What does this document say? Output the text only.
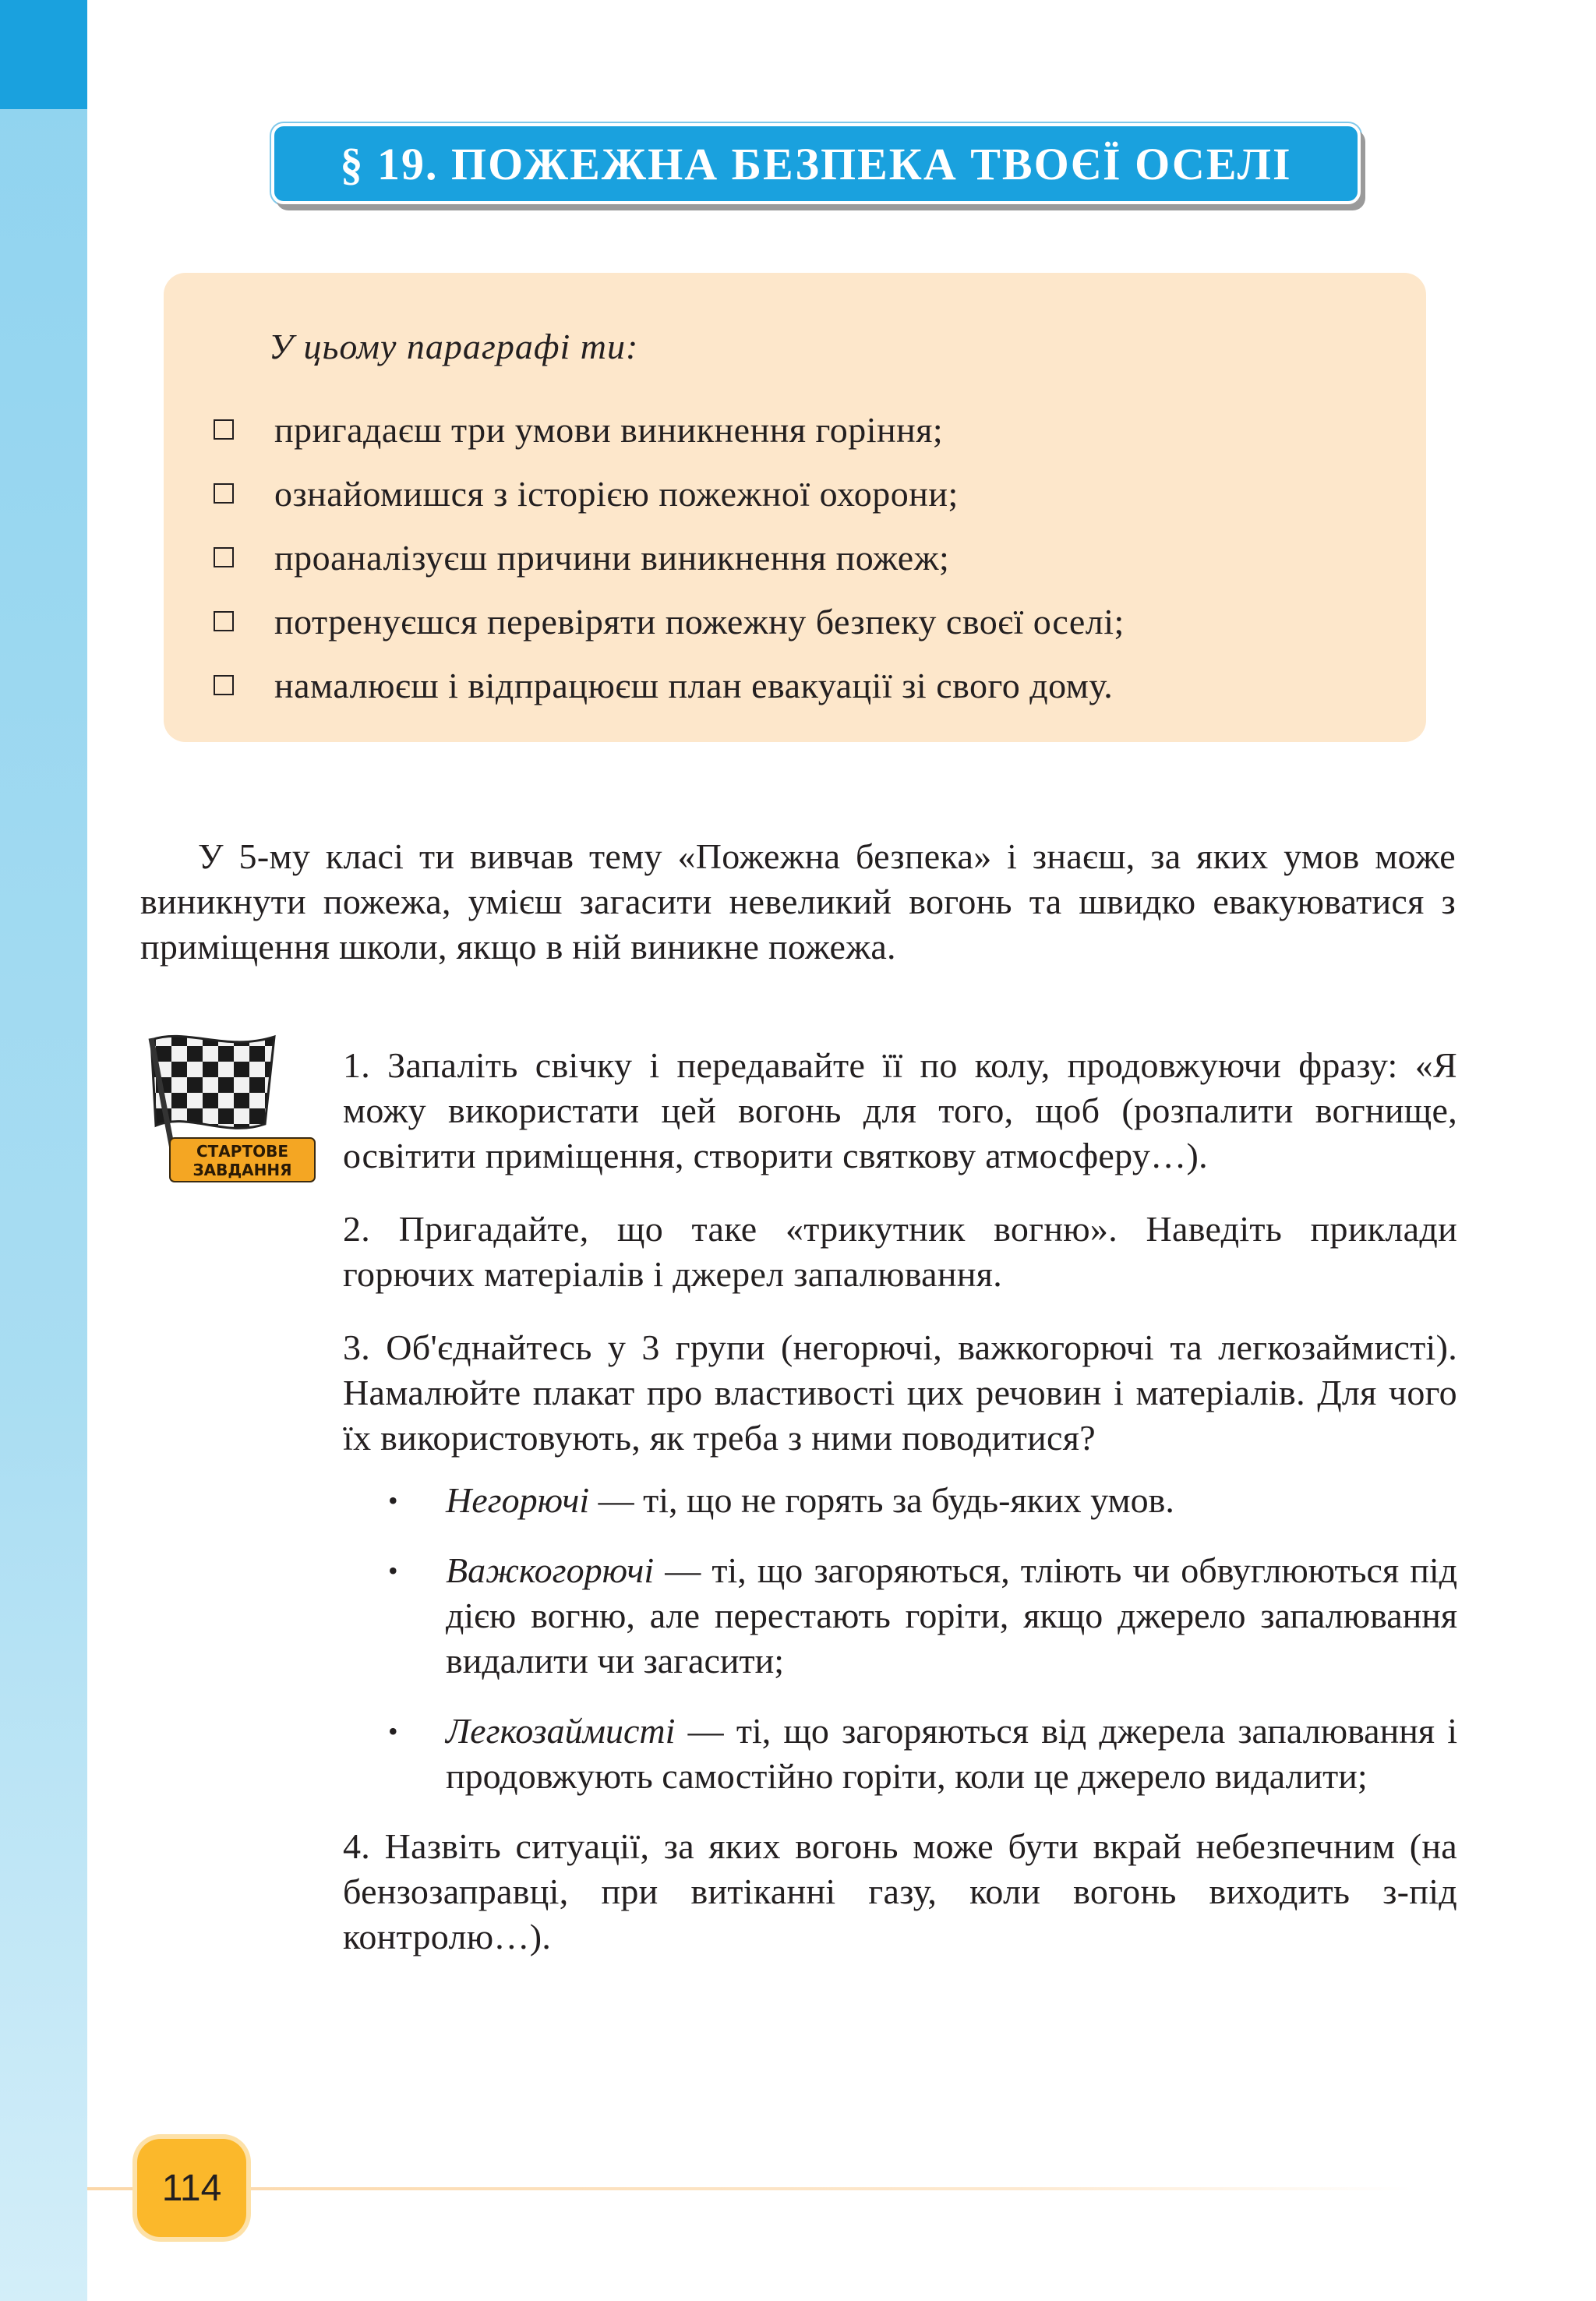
§ 19. ПОЖЕЖНА БЕЗПЕКА ТВОЄЇ ОСЕЛІ
У цьому параграфі ти:
пригадаєш три умови виникнення горіння;
ознайомишся з історією пожежної охорони;
проаналізуєш причини виникнення пожеж;
потренуєшся перевіряти пожежну безпеку своєї оселі;
намалюєш і відпрацюєш план евакуації зі свого дому.

У 5-му класі ти вивчав тему «Пожежна безпека» і знаєш, за яких умов може виникнути пожежа, умієш загасити невеликий вогонь та швидко евакуюватися з приміщення школи, якщо в ній виникне пожежа.

СТАРТОВЕ
ЗАВДАННЯ

1. Запаліть свічку і передавайте її по колу, продовжуючи фразу: «Я можу використати цей вогонь для того, щоб (розпалити вогнище, освітити приміщення, створити святкову атмосферу…).

2. Пригадайте, що таке «трикутник вогню». Наведіть приклади горючих матеріалів і джерел запалювання.

3. Об'єднайтесь у 3 групи (негорючі, важкогорючі та легкозаймисті). Намалюйте плакат про властивості цих речовин і матеріалів. Для чого їх використовують, як треба з ними поводитися?

• Негорючі — ті, що не горять за будь-яких умов.
• Важкогорючі — ті, що загоряються, тліють чи обвуглюються під дією вогню, але перестають горіти, якщо джерело запалювання видалити чи загасити;
• Легкозаймисті — ті, що загоряються від джерела запалювання і продовжують самостійно горіти, коли це джерело видалити;

4. Назвіть ситуації, за яких вогонь може бути вкрай небезпечним (на бензозаправці, при витіканні газу, коли вогонь виходить з-під контролю…).

114
